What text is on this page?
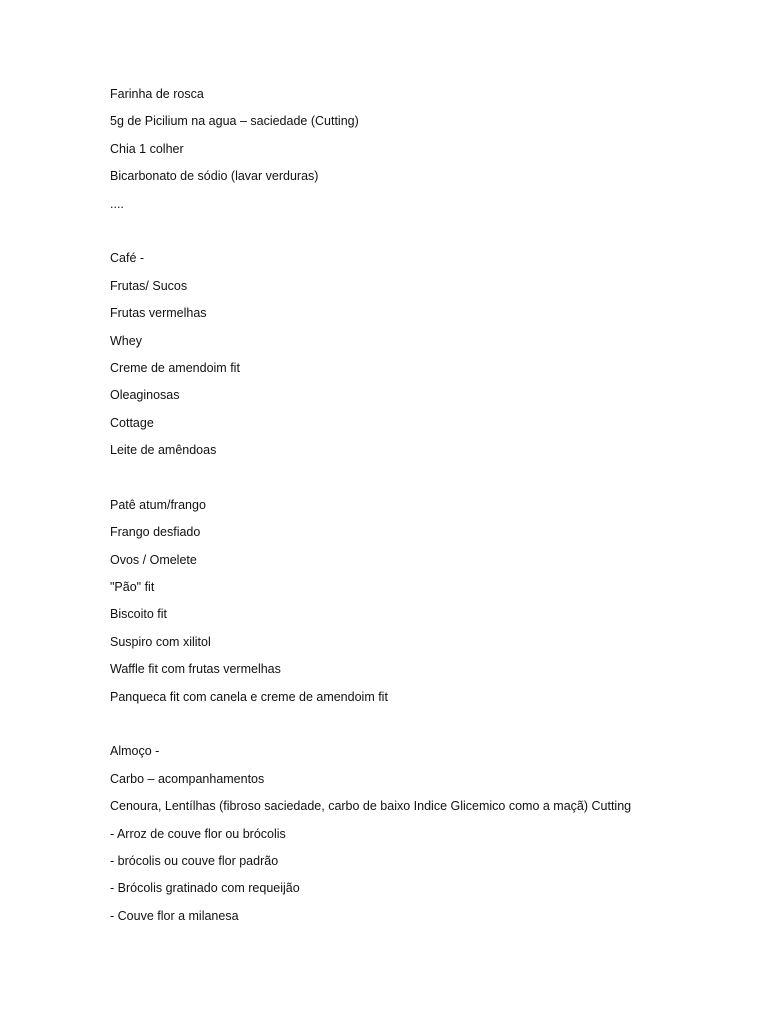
Farinha de rosca
5g de Picilium na agua – saciedade (Cutting)
Chia 1 colher
Bicarbonato de sódio (lavar verduras)
....
Café -
Frutas/ Sucos
Frutas vermelhas
Whey
Creme de amendoim fit
Oleaginosas
Cottage
Leite de amêndoas
Patê atum/frango
Frango desfiado
Ovos / Omelete
"Pão" fit
Biscoito fit
Suspiro com xilitol
Waffle fit com frutas vermelhas
Panqueca fit com canela e creme de amendoim fit
Almoço -
Carbo – acompanhamentos
Cenoura, Lentílhas (fibroso saciedade, carbo de baixo Indice Glicemico como a maçã) Cutting
- Arroz de couve flor ou brócolis
- brócolis ou couve flor padrão
- Brócolis gratinado com requeijão
- Couve flor a milanesa
